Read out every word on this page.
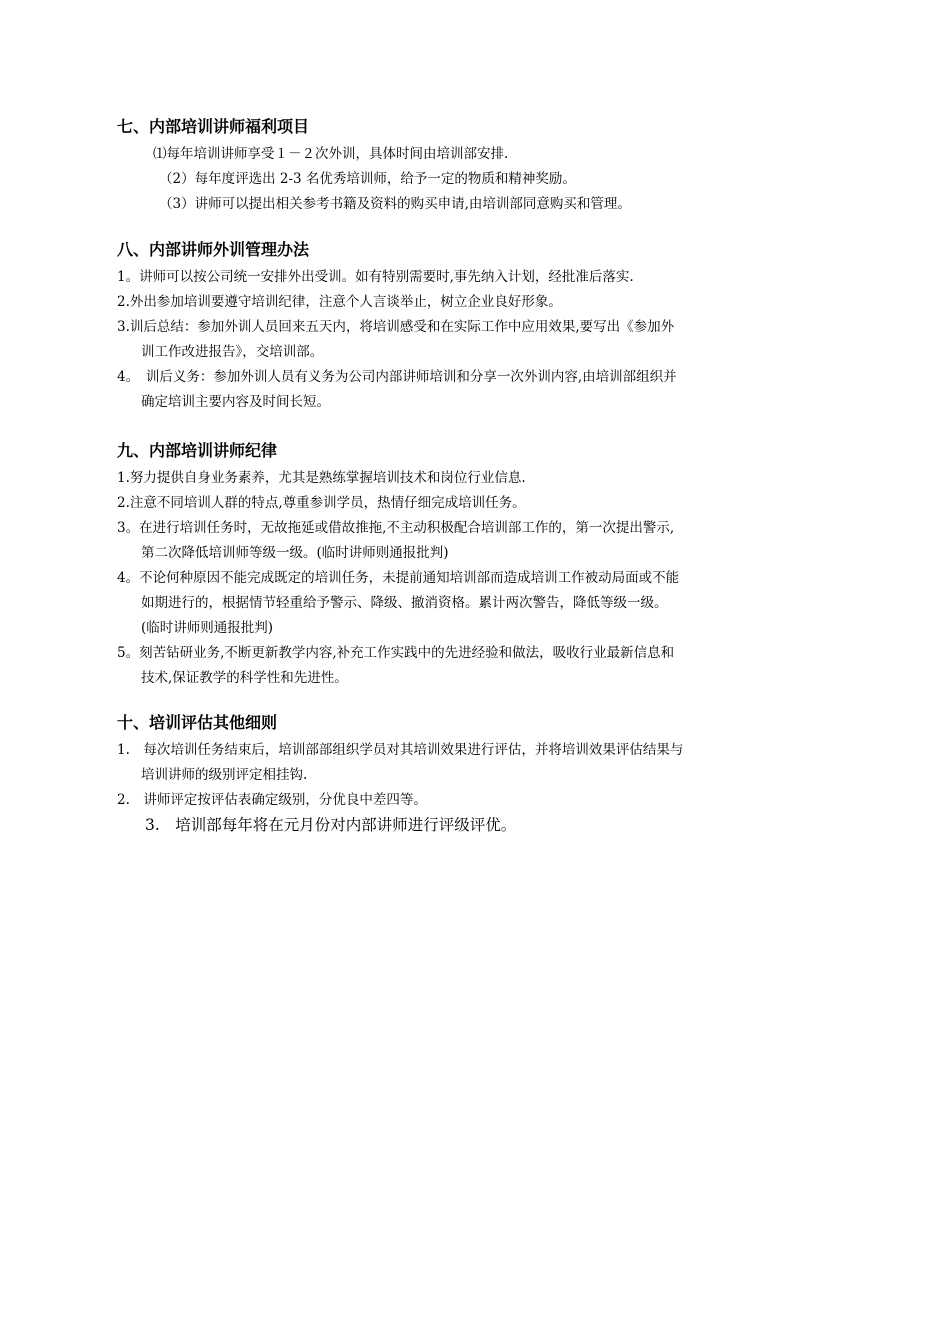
七、内部培训讲师福利项目
⑴每年培训讲师享受１－２次外训，具体时间由培训部安排.
（2）每年度评选出 2-3 名优秀培训师，给予一定的物质和精神奖励。
（3）讲师可以提出相关参考书籍及资料的购买申请,由培训部同意购买和管理。
八、内部讲师外训管理办法
1。讲师可以按公司统一安排外出受训。如有特别需要时,事先纳入计划，经批准后落实.
2.外出参加培训要遵守培训纪律，注意个人言谈举止，树立企业良好形象。
3.训后总结：参加外训人员回来五天内，将培训感受和在实际工作中应用效果,要写出《参加外
训工作改进报告》，交培训部。
4。　训后义务：参加外训人员有义务为公司内部讲师培训和分享一次外训内容,由培训部组织并
确定培训主要内容及时间长短。
九、内部培训讲师纪律
1.努力提供自身业务素养，尤其是熟练掌握培训技术和岗位行业信息.
2.注意不同培训人群的特点,尊重参训学员，热情仔细完成培训任务。
3。在进行培训任务时，无故拖延或借故推拖,不主动积极配合培训部工作的，第一次提出警示,
第二次降低培训师等级一级。(临时讲师则通报批判)
4。不论何种原因不能完成既定的培训任务，未提前通知培训部而造成培训工作被动局面或不能
如期进行的，根据情节轻重给予警示、降级、撤消资格。累计两次警告，降低等级一级。
(临时讲师则通报批判)
5。刻苦钻研业务,不断更新教学内容,补充工作实践中的先进经验和做法，吸收行业最新信息和
技术,保证教学的科学性和先进性。
十、培训评估其他细则
1.　每次培训任务结束后，培训部部组织学员对其培训效果进行评估，并将培训效果评估结果与
培训讲师的级别评定相挂钩.
2.　讲师评定按评估表确定级别，分优良中差四等。
3.　培训部每年将在元月份对内部讲师进行评级评优。
